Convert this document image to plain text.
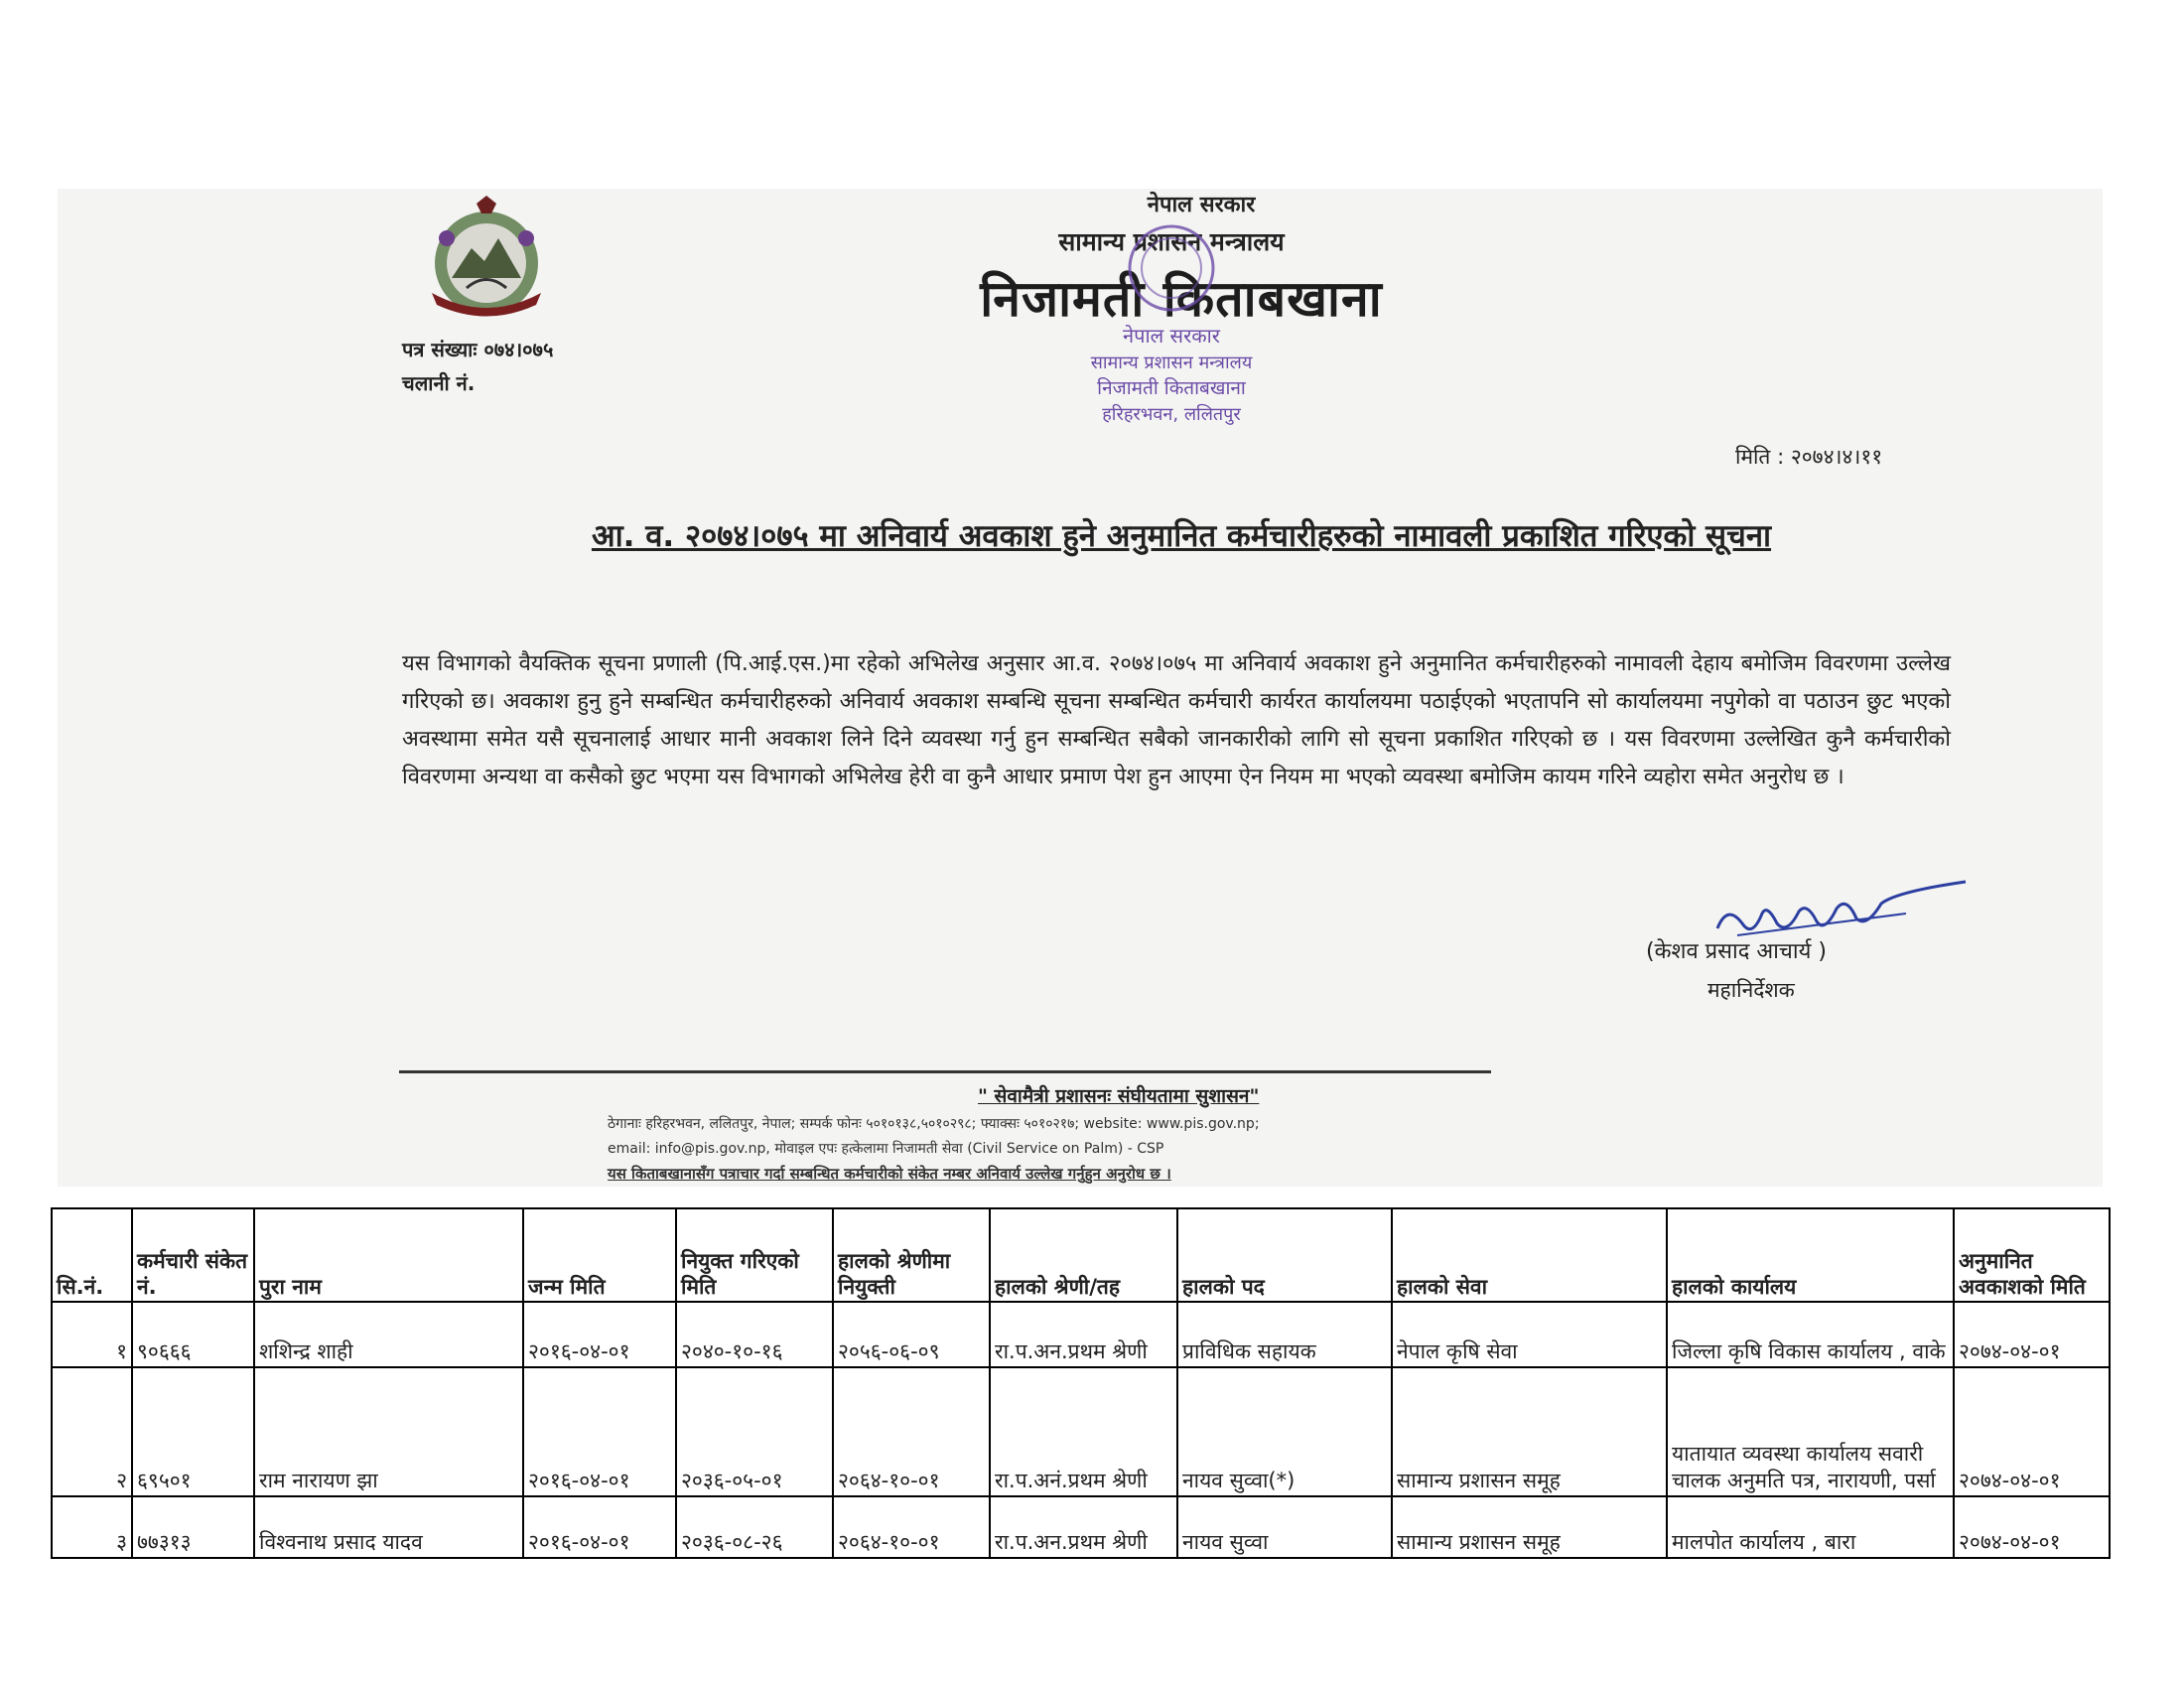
नेपाल सरकार
सामान्य प्रशासन मन्त्रालय
निजामती किताबखाना
नेपाल सरकार
सामान्य प्रशासन मन्त्रालय
निजामती किताबखाना
हरिहरभवन, ललितपुर
पत्र संख्याः ०७४।०७५
चलानी नं.
मिति : २०७४।४।११
आ. व. २०७४।०७५ मा अनिवार्य अवकाश हुने अनुमानित कर्मचारीहरुको नामावली प्रकाशित गरिएको सूचना
यस विभागको वैयक्तिक सूचना प्रणाली (पि.आई.एस.)मा रहेको अभिलेख अनुसार आ.व. २०७४।०७५ मा अनिवार्य अवकाश हुने अनुमानित कर्मचारीहरुको नामावली देहाय बमोजिम विवरणमा उल्लेख गरिएको छ। अवकाश हुनु हुने सम्बन्धित कर्मचारीहरुको अनिवार्य अवकाश सम्बन्धि सूचना सम्बन्धित कर्मचारी कार्यरत कार्यालयमा पठाईएको भएतापनि सो कार्यालयमा नपुगेको वा पठाउन छुट भएको अवस्थामा समेत यसै सूचनालाई आधार मानी अवकाश लिने दिने व्यवस्था गर्नु हुन सम्बन्धित सबैको जानकारीको लागि सो सूचना प्रकाशित गरिएको छ । यस विवरणमा उल्लेखित कुनै कर्मचारीको विवरणमा अन्यथा वा कसैको छुट भएमा यस विभागको अभिलेख हेरी वा कुनै आधार प्रमाण पेश हुन आएमा ऐन नियम मा भएको व्यवस्था बमोजिम कायम गरिने व्यहोरा समेत अनुरोध छ ।
(केशव प्रसाद आचार्य )
महानिर्देशक
" सेवामैत्री प्रशासनः संघीयतामा सुशासन"
ठेगानाः हरिहरभवन, ललितपुर, नेपाल; सम्पर्क फोनः ५०१०१३८,५०१०२९८; फ्याक्सः ५०१०२१७; website: www.pis.gov.np;
email: info@pis.gov.np, मोवाइल एपः हत्केलामा निजामती सेवा (Civil Service on Palm) - CSP
यस किताबखानासँग पत्राचार गर्दा सम्बन्धित कर्मचारीको संकेत नम्बर अनिवार्य उल्लेख गर्नुहुन अनुरोध छ ।
सि.नं.	कर्मचारी संकेत नं.	पुरा नाम	जन्म मिति	नियुक्त गरिएको मिति	हालको श्रेणीमा नियुक्ती	हालको श्रेणी/तह	हालको पद	हालको सेवा	हालको कार्यालय	अनुमानित अवकाशको मिति
१	९०६६६	शशिन्द्र शाही	२०१६-०४-०१	२०४०-१०-१६	२०५६-०६-०९	रा.प.अन.प्रथम श्रेणी	प्राविधिक सहायक	नेपाल कृषि सेवा	जिल्ला कृषि विकास कार्यालय , वाके	२०७४-०४-०१
२	६९५०१	राम नारायण झा	२०१६-०४-०१	२०३६-०५-०१	२०६४-१०-०१	रा.प.अनं.प्रथम श्रेणी	नायव सुव्वा(*)	सामान्य प्रशासन समूह	यातायात व्यवस्था कार्यालय सवारी चालक अनुमति पत्र, नारायणी, पर्सा	२०७४-०४-०१
३	७७३१३	विश्वनाथ प्रसाद यादव	२०१६-०४-०१	२०३६-०८-२६	२०६४-१०-०१	रा.प.अन.प्रथम श्रेणी	नायव सुव्वा	सामान्य प्रशासन समूह	मालपोत कार्यालय , बारा	२०७४-०४-०१
